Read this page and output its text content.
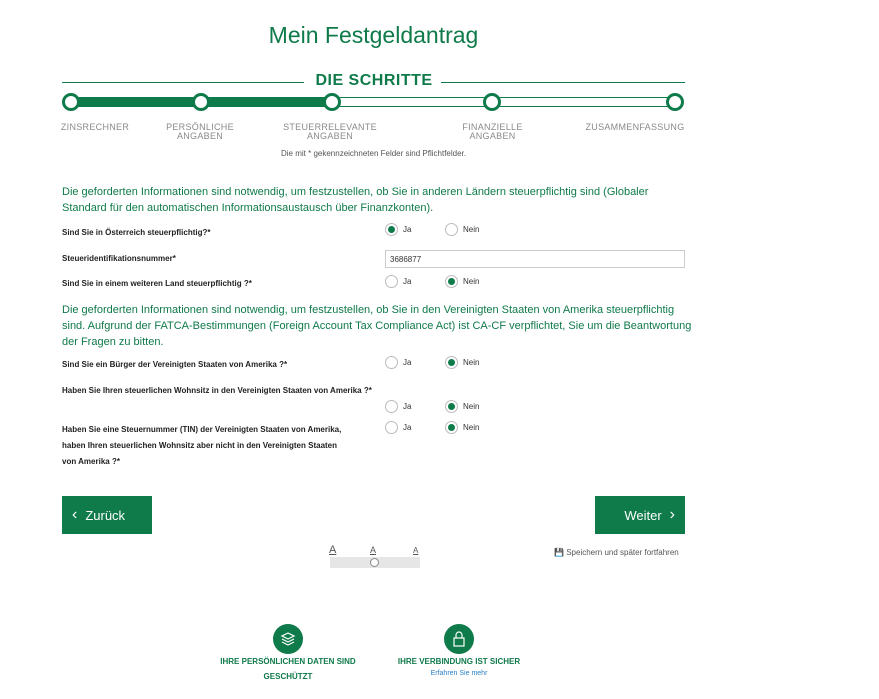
Mein Festgeldantrag
DIE SCHRITTE
ZINSRECHNER	PERSÖNLICHE ANGABEN
STEUERRELEVANTE ANGABEN
FINANZIELLE ANGABEN
ZUSAMMENFASSUNG
Die mit * gekennzeichneten Felder sind Pflichtfelder.
Die geforderten Informationen sind notwendig, um festzustellen, ob Sie in anderen Ländern steuerpflichtig sind (Globaler Standard für den automatischen Informationsaustausch über Finanzkonten).
Sind Sie in Österreich steuerpflichtig?*	Ja	Nein
Steueridentifikationsnummer*
3686877
Sind Sie in einem weiteren Land steuerpflichtig ?*	Ja	Nein
Die geforderten Informationen sind notwendig, um festzustellen, ob Sie in den Vereinigten Staaten von Amerika steuerpflichtig sind. Aufgrund der FATCA-Bestimmungen (Foreign Account Tax Compliance Act) ist CA-CF verpflichtet, Sie um die Beantwortung der Fragen zu bitten.
Sind Sie ein Bürger der Vereinigten Staaten von Amerika ?*	Ja	Nein
Haben Sie Ihren steuerlichen Wohnsitz in den Vereinigten Staaten von Amerika ?*
Ja	Nein
Haben Sie eine Steuernummer (TIN) der Vereinigten Staaten von Amerika, haben Ihren steuerlichen Wohnsitz aber nicht in den Vereinigten Staaten von Amerika ?*
Ja	Nein
‹ Zurück	Weiter ›
A	A	A	💾 Speichern und später fortfahren
IHRE PERSÖNLICHEN DATEN SIND GESCHÜTZT
IHRE VERBINDUNG IST SICHER
Erfahren Sie mehr
